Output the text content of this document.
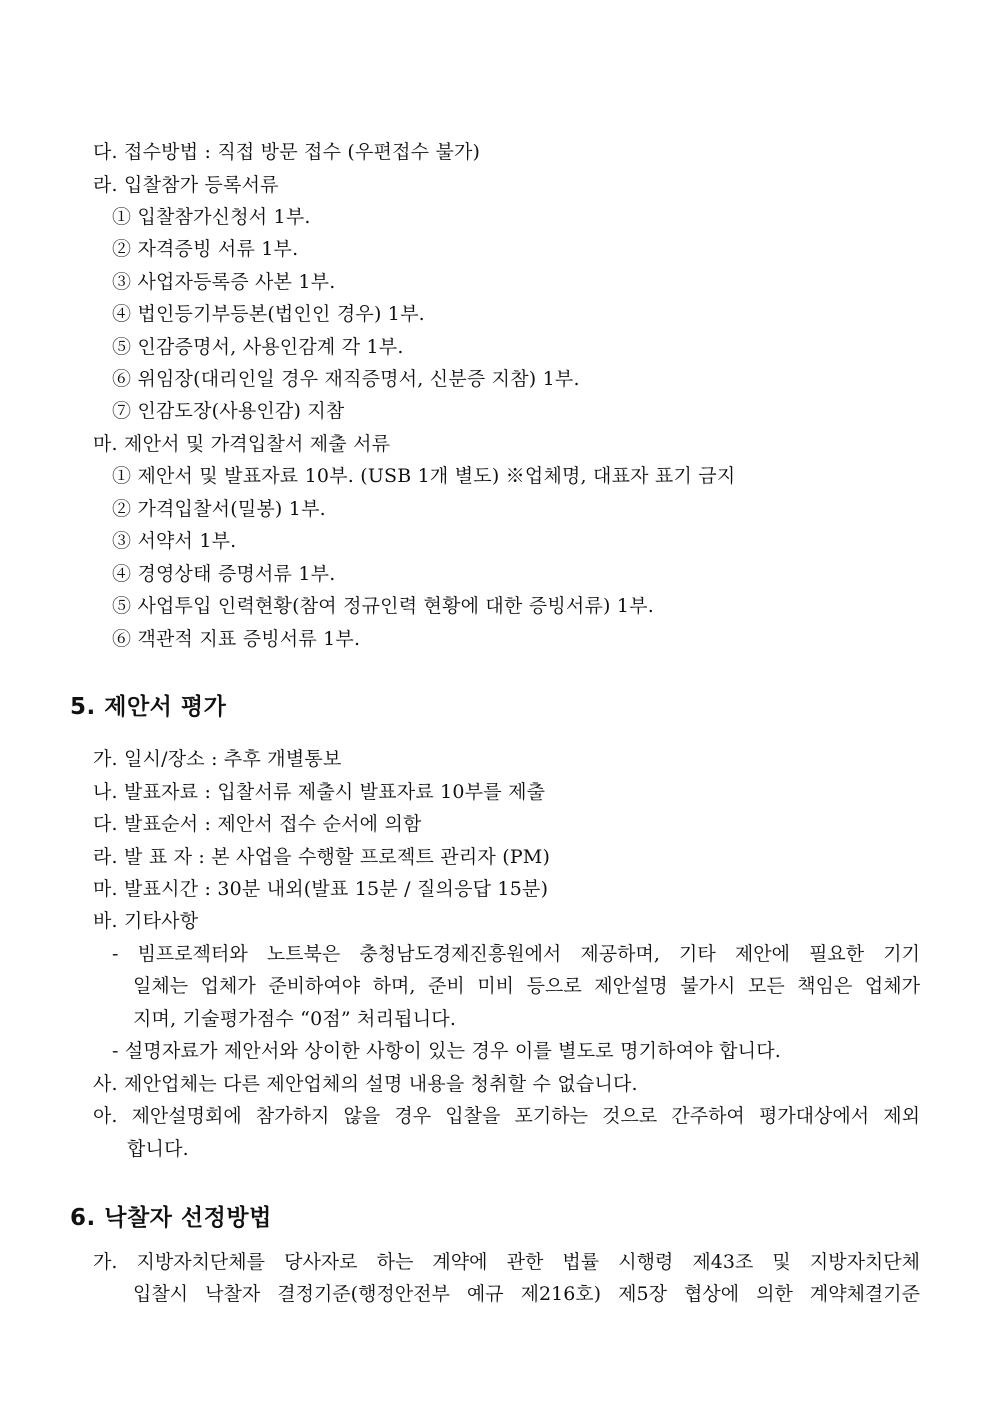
다. 접수방법 : 직접 방문 접수 (우편접수 불가)
라. 입찰참가 등록서류
① 입찰참가신청서 1부.
② 자격증빙 서류 1부.
③ 사업자등록증 사본 1부.
④ 법인등기부등본(법인인 경우) 1부.
⑤ 인감증명서, 사용인감계 각 1부.
⑥ 위임장(대리인일 경우 재직증명서, 신분증 지참) 1부.
⑦ 인감도장(사용인감) 지참
마. 제안서 및 가격입찰서 제출 서류
① 제안서 및 발표자료 10부. (USB 1개 별도) ※업체명, 대표자 표기 금지
② 가격입찰서(밀봉) 1부.
③ 서약서 1부.
④ 경영상태 증명서류 1부.
⑤ 사업투입 인력현황(참여 정규인력 현황에 대한 증빙서류) 1부.
⑥ 객관적 지표 증빙서류 1부.
5. 제안서 평가
가. 일시/장소 : 추후 개별통보
나. 발표자료 : 입찰서류 제출시 발표자료 10부를 제출
다. 발표순서 : 제안서 접수 순서에 의함
라. 발 표 자 : 본 사업을 수행할 프로젝트 관리자 (PM)
마. 발표시간 : 30분 내외(발표 15분 / 질의응답 15분)
바. 기타사항
- 빔프로젝터와 노트북은 충청남도경제진흥원에서 제공하며, 기타 제안에 필요한 기기
일체는 업체가 준비하여야 하며, 준비 미비 등으로 제안설명 불가시 모든 책임은 업체가
지며, 기술평가점수 “0점” 처리됩니다.
- 설명자료가 제안서와 상이한 사항이 있는 경우 이를 별도로 명기하여야 합니다.
사. 제안업체는 다른 제안업체의 설명 내용을 청취할 수 없습니다.
아. 제안설명회에 참가하지 않을 경우 입찰을 포기하는 것으로 간주하여 평가대상에서 제외
합니다.
6. 낙찰자 선정방법
가. 지방자치단체를 당사자로 하는 계약에 관한 법률 시행령 제43조 및 지방자치단체
입찰시 낙찰자 결정기준(행정안전부 예규 제216호) 제5장 협상에 의한 계약체결기준
